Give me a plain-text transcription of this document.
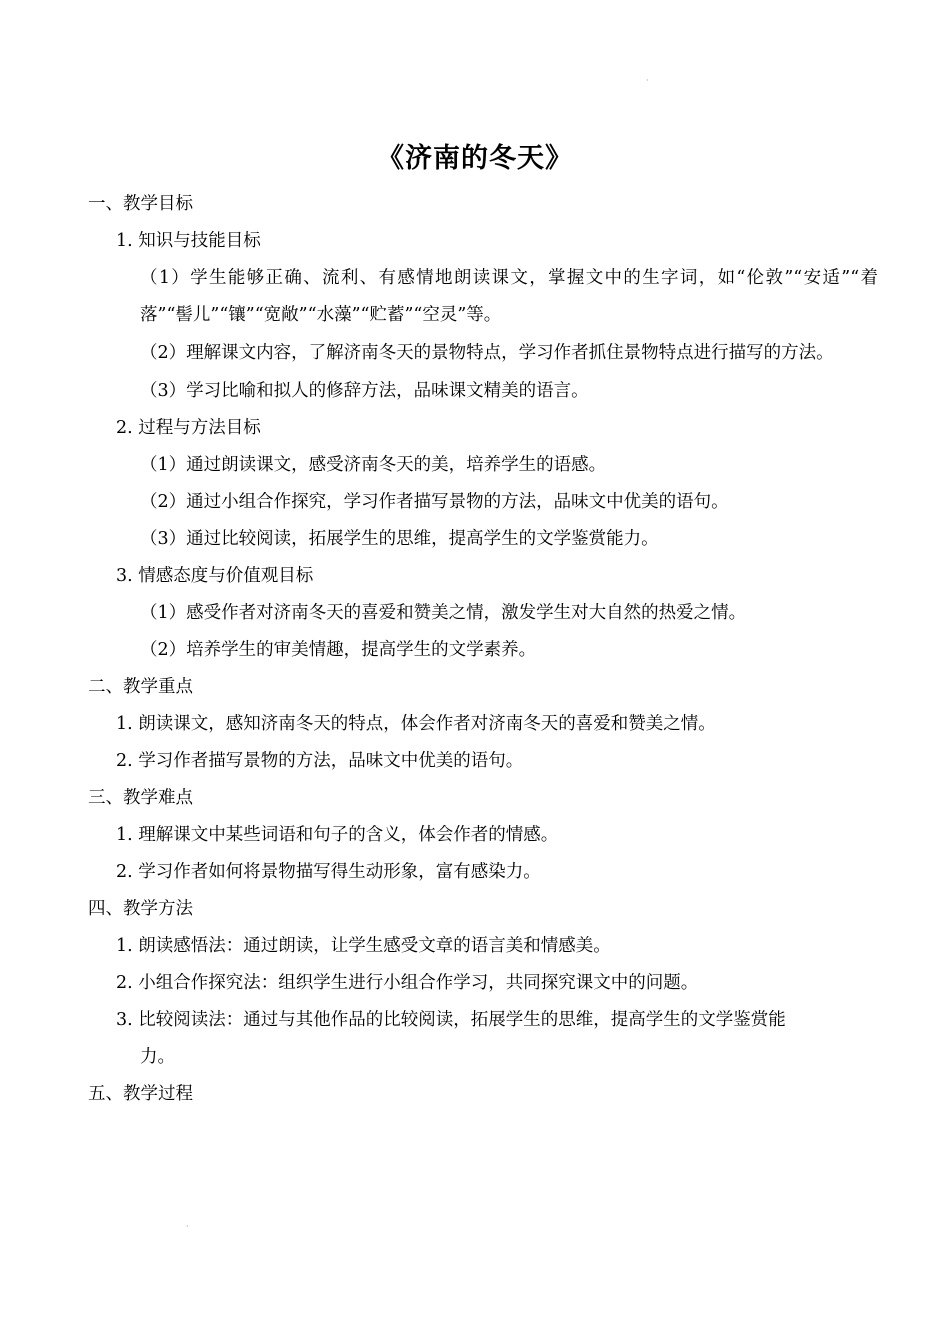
·
·
《济南的冬天》
一、教学目标
1. 知识与技能目标
（1）学生能够正确、流利、有感情地朗读课文，掌握文中的生字词，如“伦敦”“安适”“着落”“髻儿”“镶”“宽敞”“水藻”“贮蓄”“空灵”等。
（2）理解课文内容，了解济南冬天的景物特点，学习作者抓住景物特点进行描写的方法。
（3）学习比喻和拟人的修辞方法，品味课文精美的语言。
2. 过程与方法目标
（1）通过朗读课文，感受济南冬天的美，培养学生的语感。
（2）通过小组合作探究，学习作者描写景物的方法，品味文中优美的语句。
（3）通过比较阅读，拓展学生的思维，提高学生的文学鉴赏能力。
3. 情感态度与价值观目标
（1）感受作者对济南冬天的喜爱和赞美之情，激发学生对大自然的热爱之情。
（2）培养学生的审美情趣，提高学生的文学素养。
二、教学重点
1. 朗读课文，感知济南冬天的特点，体会作者对济南冬天的喜爱和赞美之情。
2. 学习作者描写景物的方法，品味文中优美的语句。
三、教学难点
1. 理解课文中某些词语和句子的含义，体会作者的情感。
2. 学习作者如何将景物描写得生动形象，富有感染力。
四、教学方法
1. 朗读感悟法：通过朗读，让学生感受文章的语言美和情感美。
2. 小组合作探究法：组织学生进行小组合作学习，共同探究课文中的问题。
3. 比较阅读法：通过与其他作品的比较阅读，拓展学生的思维，提高学生的文学鉴赏能
力。
五、教学过程
